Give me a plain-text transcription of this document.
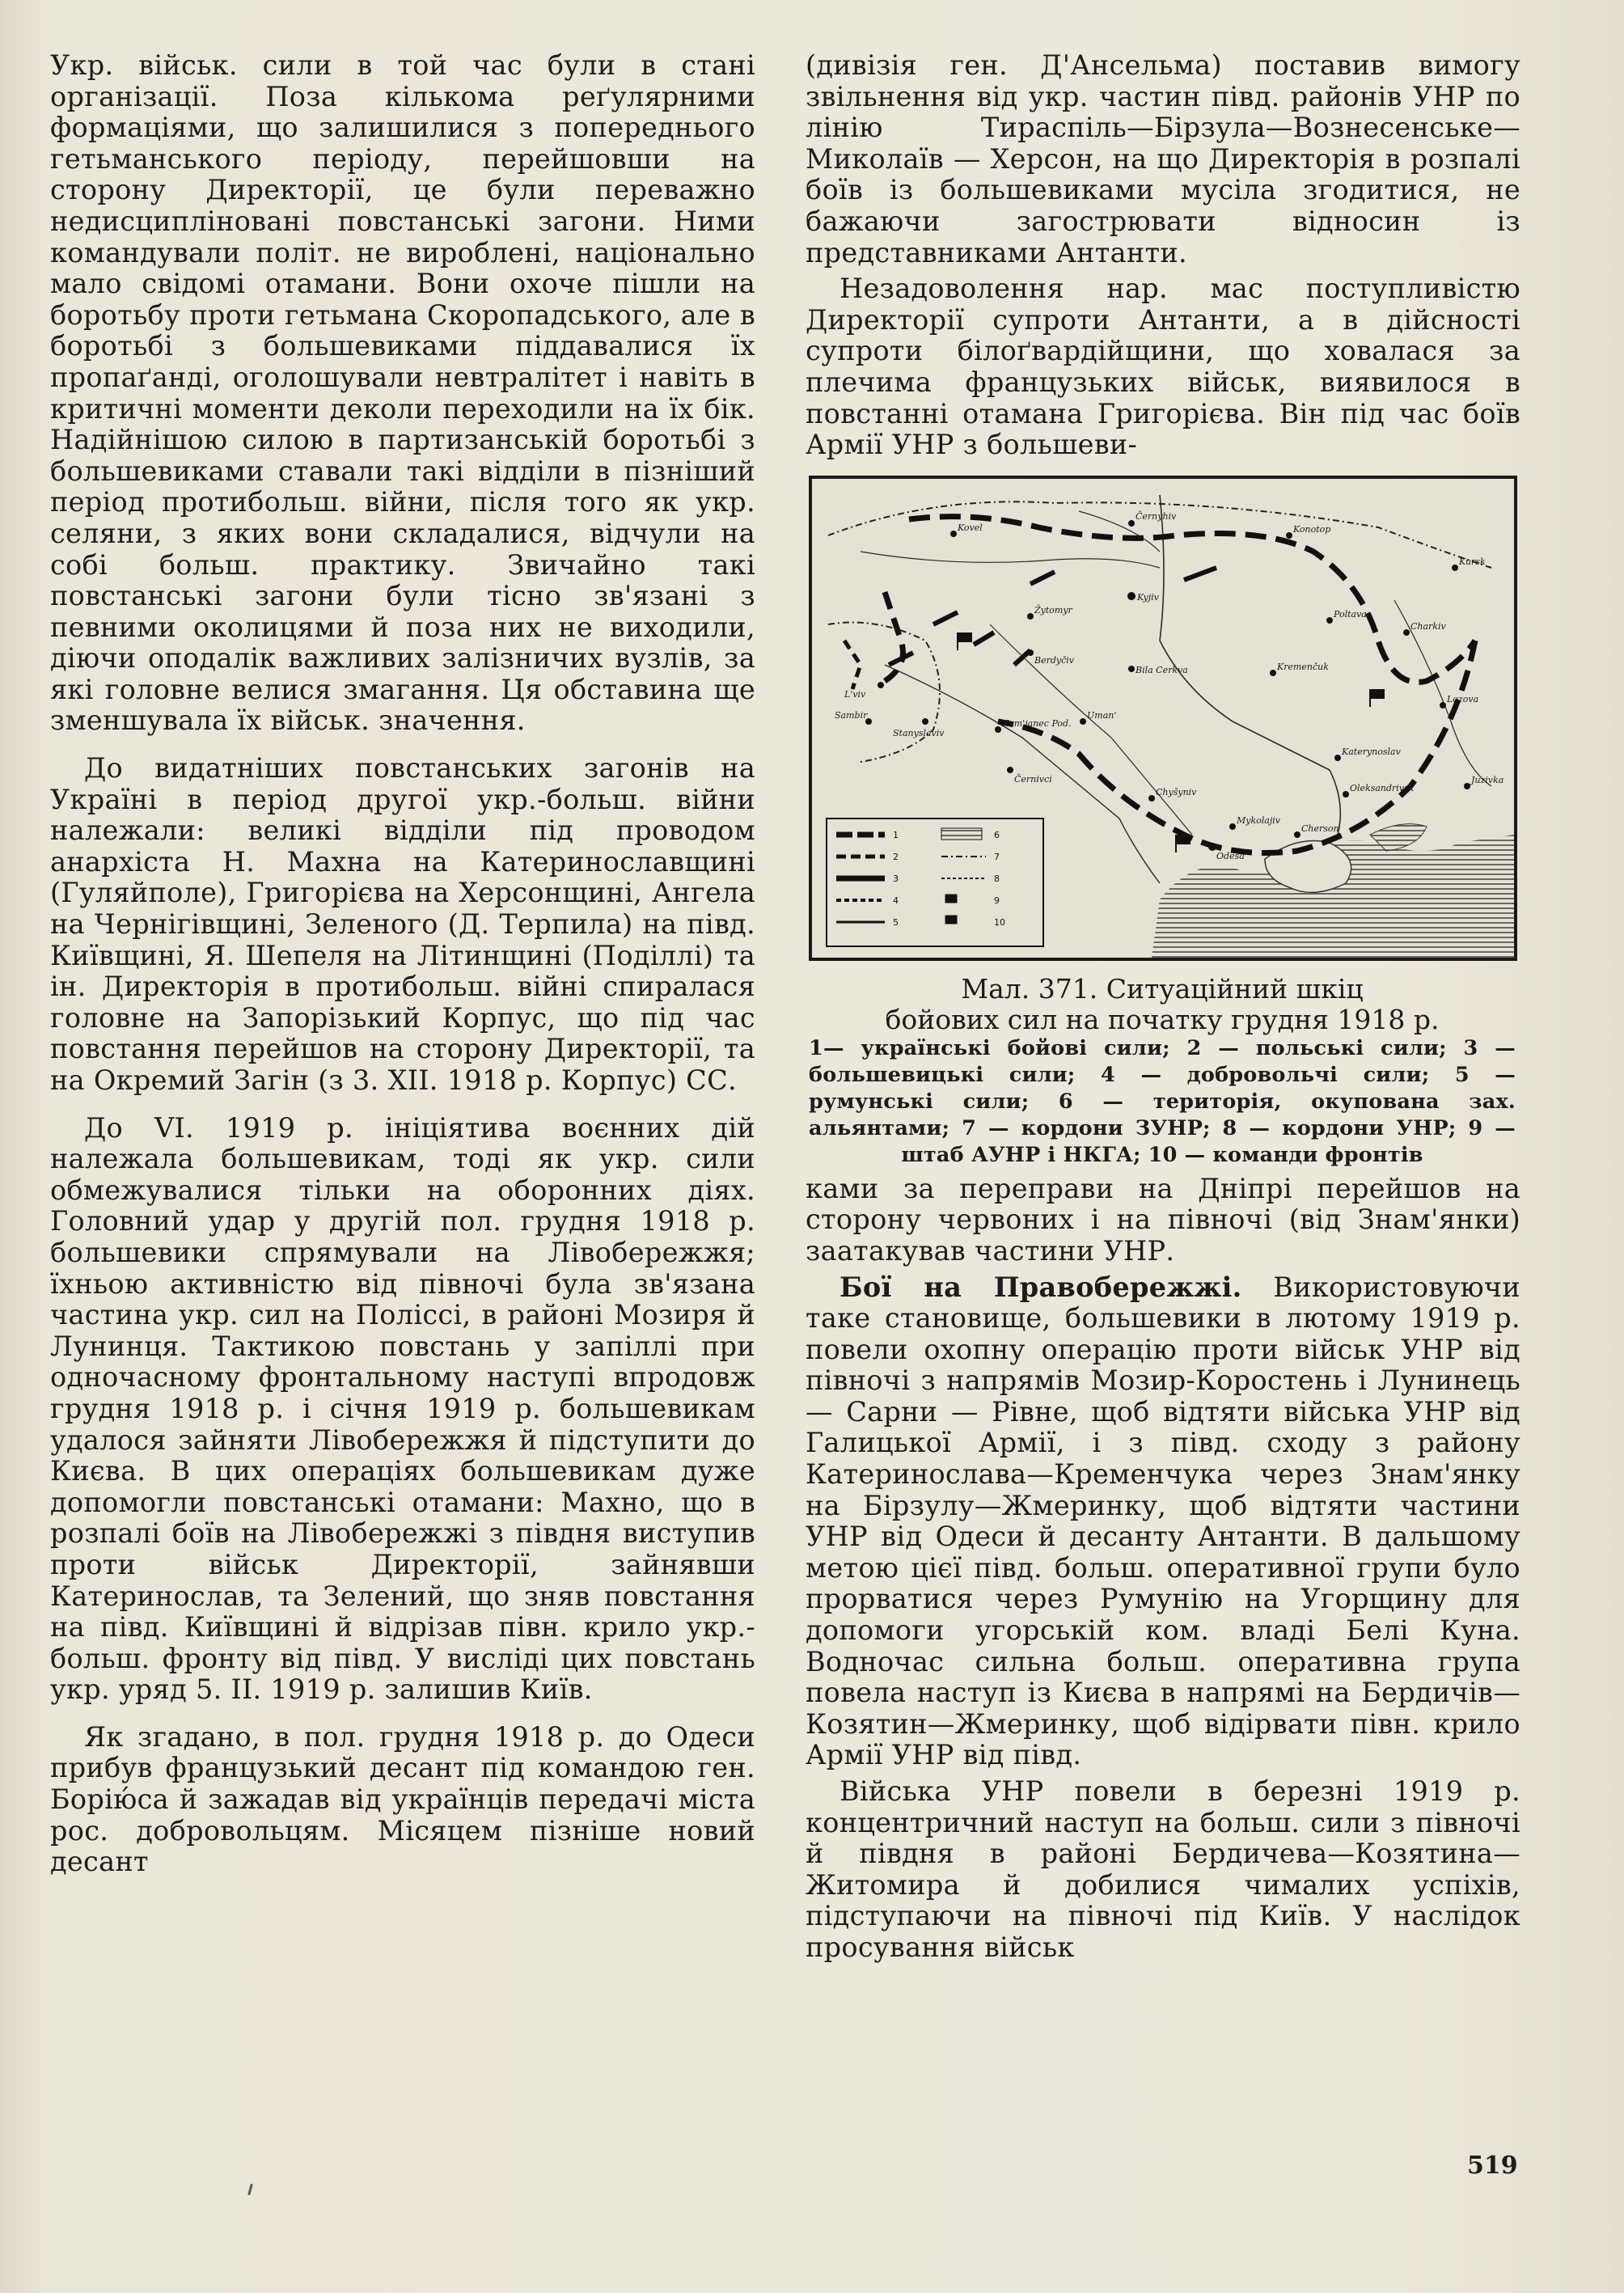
Укр. військ. сили в той час були в стані організації. Поза кількома реґулярними формаціями, що залишилися з попереднього гетьманського періоду, перейшовши на сторону Директорії, це були переважно недисципліновані повстанські загони. Ними командували політ. не вироблені, національно мало свідомі отамани. Вони охоче пішли на боротьбу проти гетьмана Скоропадського, але в боротьбі з большевиками піддавалися їх пропаґанді, оголошували невтралітет і навіть в критичні моменти деколи переходили на їх бік. Надійнішою силою в партизанській боротьбі з большевиками ставали такі відділи в пізніший період протибольш. війни, після того як укр. селяни, з яких вони складалися, відчули на собі больш. практику. Звичайно такі повстанські загони були тісно зв'язані з певними околицями й поза них не виходили, діючи оподалік важливих залізничих вузлів, за які головне велися змагання. Ця обставина ще зменшувала їх військ. значення.

До видатніших повстанських загонів на Україні в період другої укр.-больш. війни належали: великі відділи під проводом анархіста Н. Махна на Катеринославщині (Гуляйполе), Григорієва на Херсонщині, Ангела на Чернігівщині, Зеленого (Д. Терпила) на півд. Київщині, Я. Шепеля на Літинщині (Поділлі) та ін. Директорія в протибольш. війні спиралася головне на Запорізький Корпус, що під час повстання перейшов на сторону Директорії, та на Окремий Загін (з 3. XII. 1918 р. Корпус) СС.

До VI. 1919 р. ініціятива воєнних дій належала большевикам, тоді як укр. сили обмежувалися тільки на оборонних діях. Головний удар у другій пол. грудня 1918 р. большевики спрямували на Лівобережжя; їхньою активністю від півночі була зв'язана частина укр. сил на Поліссі, в районі Мозиря й Лунинця. Тактикою повстань у запіллі при одночасному фронтальному наступі впродовж грудня 1918 р. і січня 1919 р. большевикам удалося зайняти Лівобережжя й підступити до Києва. В цих операціях большевикам дуже допомогли повстанські отамани: Махно, що в розпалі боїв на Лівобережжі з півдня виступив проти військ Директорії, зайнявши Катеринослав, та Зелений, що зняв повстання на півд. Київщині й відрізав півн. крило укр.-больш. фронту від півд. У висліді цих повстань укр. уряд 5. II. 1919 р. залишив Київ.

Як згадано, в пол. грудня 1918 р. до Одеси прибув французький десант під командою ген. Борію́са й зажадав від українців передачі міста рос. добровольцям. Місяцем пізніше новий десант

(дивізія ген. Д'Ансельма) поставив вимогу звільнення від укр. частин півд. районів УНР по лінію Тираспіль—Бірзула—Вознесенське—Миколаїв — Херсон, на що Директорія в розпалі боїв із большевиками мусіла згодитися, не бажаючи загострювати відносин із представниками Антанти.

Незадоволення нар. мас поступливістю Директорії супроти Антанти, а в дійсності супроти білоґвардійщини, що ховалася за плечима французьких військ, виявилося в повстанні отамана Григорієва. Він під час боїв Армії УНР з большеви-

Kovel
Černyhiv
Konotop
Kursk
Kyjiv
Poltava
Charkiv
Žytomyr
Bila Cerkva
Stanyslaviv
Kam'janec Pod.
Uman'
Kremenčuk
Katerynoslav
Oleksandrivsk
Odesa
Cherson
Černivci
L'viv
Berdyčiv
Mykolajiv
Juzivka
Lozova
Sambir
Chyšyniv
1
2
3
4
5
6
7
8
9
10
Мал. 371. Ситуаційний шкіц
бойових сил на початку грудня 1918 р.
1— українські бойові сили; 2 — польські сили; 3 — большевицькі сили; 4 — добровольчі сили; 5 — румунські сили; 6 — територія, окупована зах. альянтами; 7 — кордони ЗУНР; 8 — кордони УНР; 9 — штаб АУНР і НКГА; 10 — команди фронтів

ками за переправи на Дніпрі перейшов на сторону червоних і на півночі (від Знам'янки) заатакував частини УНР.

Бої на Правобережжі. Використовуючи таке становище, большевики в лютому 1919 р. повели охопну операцію проти військ УНР від півночі з напрямів Мозир-Коростень і Лунинець — Сарни — Рівне, щоб відтяти війська УНР від Галицької Армії, і з півд. сходу з району Катеринослава—Кременчука через Знам'янку на Бірзулу—Жмеринку, щоб відтяти частини УНР від Одеси й десанту Антанти. В дальшому метою цієї півд. больш. оперативної групи було прорватися через Румунію на Угорщину для допомоги угорській ком. владі Белі Куна. Водночас сильна больш. оперативна група повела наступ із Києва в напрямі на Бердичів—Козятин—Жмеринку, щоб відірвати півн. крило Армії УНР від півд.

Війська УНР повели в березні 1919 р. концентричний наступ на больш. сили з півночі й півдня в районі Бердичева—Козятина—Житомира й добилися чималих успіхів, підступаючи на півночі під Київ. У наслідок просування військ

519
